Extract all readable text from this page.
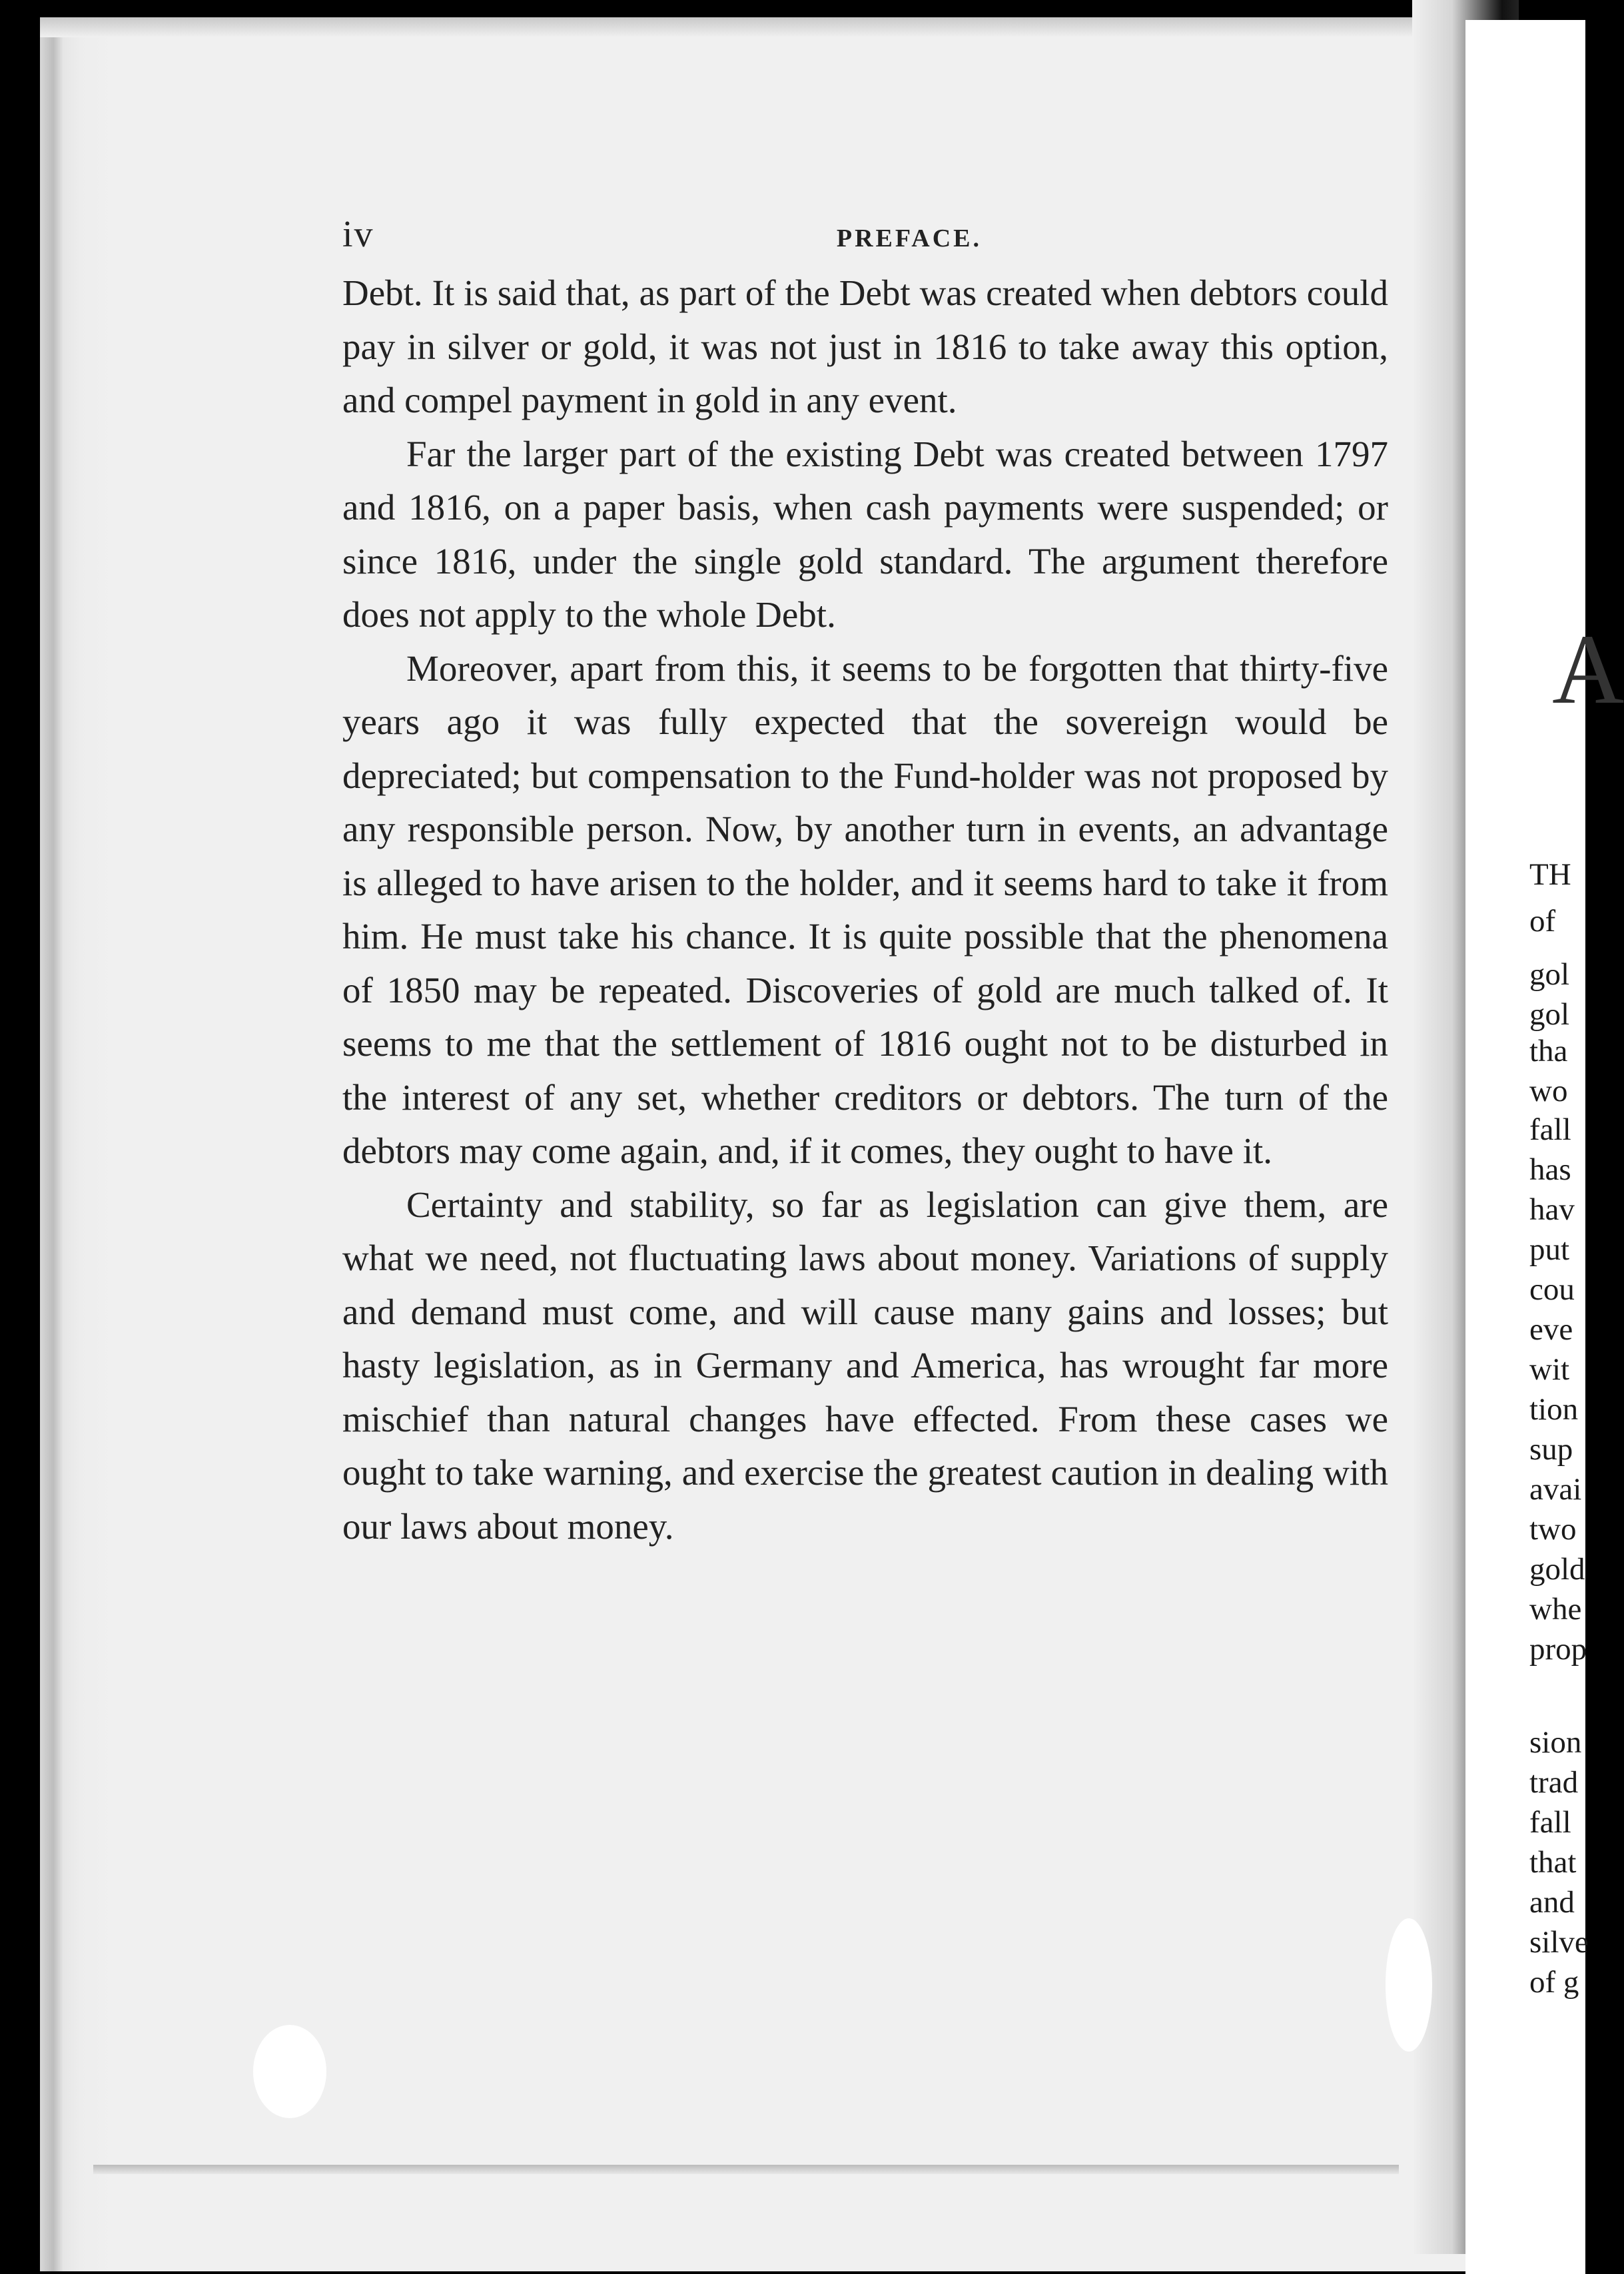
iv	PREFACE.

Debt. It is said that, as part of the Debt was created when debtors could pay in silver or gold, it was not just in 1816 to take away this option, and compel payment in gold in any event.

Far the larger part of the existing Debt was created between 1797 and 1816, on a paper basis, when cash payments were suspended; or since 1816, under the single gold standard. The argument therefore does not apply to the whole Debt.

Moreover, apart from this, it seems to be forgotten that thirty-five years ago it was fully expected that the sovereign would be depreciated; but compensation to the Fund-holder was not proposed by any responsible person. Now, by another turn in events, an advantage is alleged to have arisen to the holder, and it seems hard to take it from him. He must take his chance. It is quite possible that the phenomena of 1850 may be repeated. Discoveries of gold are much talked of. It seems to me that the settlement of 1816 ought not to be disturbed in the interest of any set, whether creditors or debtors. The turn of the debtors may come again, and, if it comes, they ought to have it.

Certainty and stability, so far as legislation can give them, are what we need, not fluctuating laws about money. Variations of supply and demand must come, and will cause many gains and losses; but hasty legislation, as in Germany and America, has wrought far more mischief than natural changes have effected. From these cases we ought to take warning, and exercise the greatest caution in dealing with our laws about money.

A
TH
of
gol
gol
tha
wo
fall
has
hav
put
cou
eve
wit
tion
sup
avai
two
gold
whe
prop
sion
trad
fall
that
and
silve
of g
